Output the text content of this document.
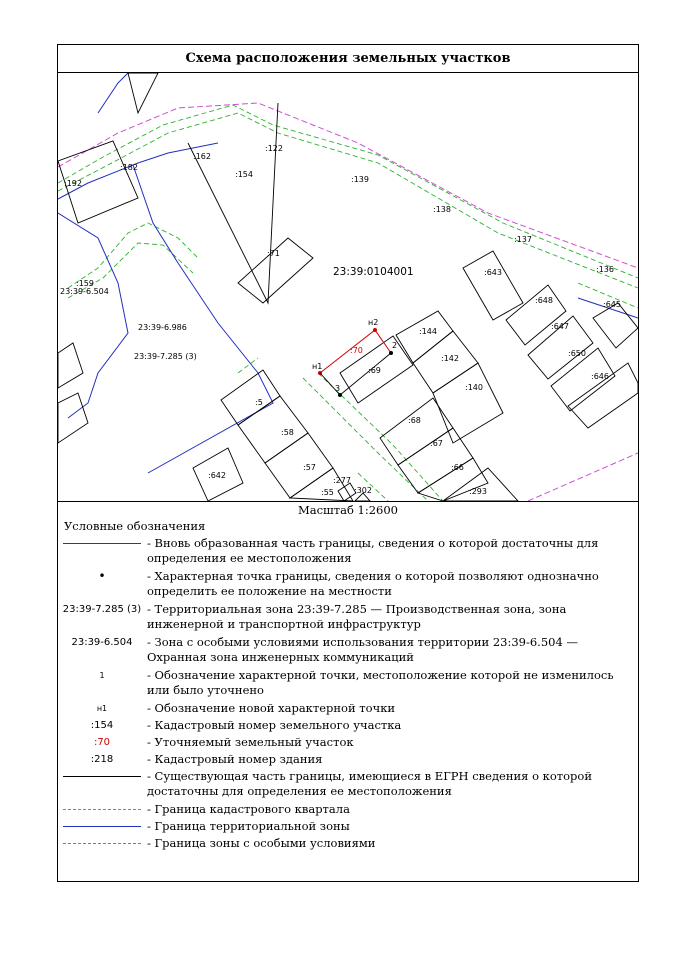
Схема расположения земельных участков
23:39:0104001
:182
:192
:162
:122
:154
:139
:138
:137
:136
:71
:643
:648	:645
:647
:650
:646
:144
:142
:140
:69
:68
:67
:66
:293
:5
:58
:57
:55
:277
:302
:642
:159
23:39-6.504
23:39-6.986
23:39-7.285 (3)
:70
н1
н2
2
3
Масштаб 1:2600
Условные обозначения
- Вновь образованная часть границы, сведения о которой достаточны для определения ее местоположения
•	- Характерная точка границы, сведения о которой позволяют однозначно определить ее положение на местности
23:39-7.285 (3) - Территориальная зона 23:39-7.285 — Производственная зона, зона инженерной и транспортной инфраструктур
23:39-6.504	- Зона с особыми условиями использования территории 23:39-6.504 — Охранная зона инженерных коммуникаций
1	- Обозначение характерной точки, местоположение которой не изменилось или было уточнено
н1	- Обозначение новой характерной точки
:154	- Кадастровый номер земельного участка
:70	- Уточняемый земельный участок
:218	- Кадастровый номер здания
- Существующая часть границы, имеющиеся в ЕГРН сведения о которой достаточны для определения ее местоположения
- Граница кадастрового квартала
- Граница территориальной зоны
- Граница зоны с особыми условиями
